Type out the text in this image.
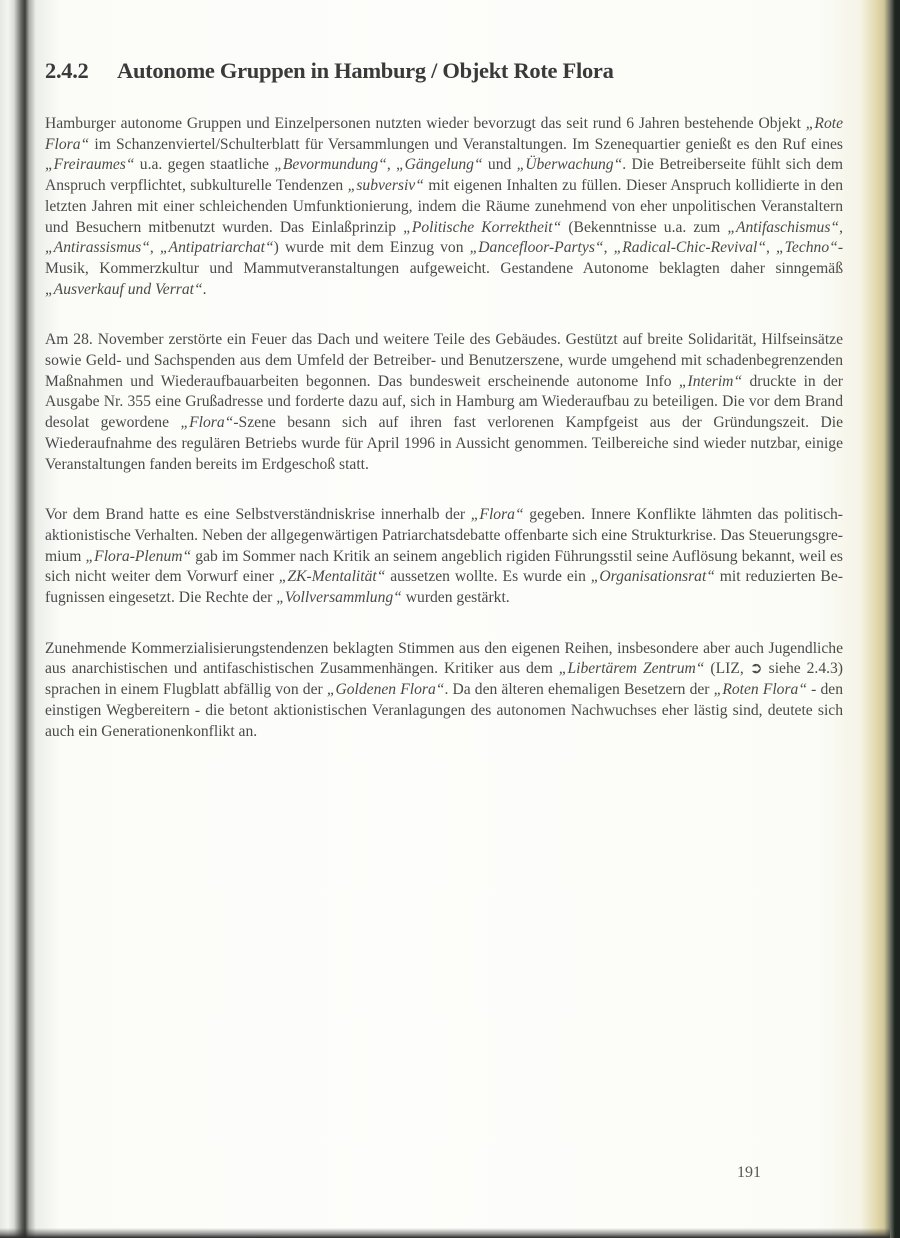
2.4.2 Autonome Gruppen in Hamburg / Objekt Rote Flora

Hamburger autonome Gruppen und Einzelpersonen nutzten wieder bevorzugt das seit rund 6 Jahren bestehende Objekt „Rote Flora“ im Schanzenviertel/Schulterblatt für Versammlungen und Veranstaltungen. Im Szenequartier genießt es den Ruf eines „Freiraumes“ u.a. gegen staatliche „Bevormundung“, „Gängelung“ und „Überwachung“. Die Betreiberseite fühlt sich dem Anspruch verpflichtet, subkulturelle Tendenzen „subversiv“ mit eigenen Inhalten zu füllen. Dieser Anspruch kollidierte in den letzten Jahren mit einer schleichenden Umfunktionierung, indem die Räume zunehmend von eher unpolitischen Veranstaltern und Besuchern mitbenutzt wurden. Das Einlaßprinzip „Politische Korrektheit“ (Bekenntnisse u.a. zum „Antifaschismus“, „Antirassismus“, „Antipatriarchat“) wurde mit dem Einzug von „Dancefloor-Partys“, „Radical-Chic-Revival“, „Techno“-Musik, Kommerzkultur und Mammutveranstaltungen aufgeweicht. Gestandene Autonome beklagten daher sinngemäß „Ausverkauf und Verrat“.

Am 28. November zerstörte ein Feuer das Dach und weitere Teile des Gebäudes. Gestützt auf breite Solidarität, Hilfseinsätze sowie Geld- und Sachspenden aus dem Umfeld der Betreiber- und Benutzerszene, wurde umgehend mit schadenbegrenzenden Maßnahmen und Wiederaufbauarbeiten begonnen. Das bundesweit erscheinende autonome Info „Interim“ druckte in der Ausgabe Nr. 355 eine Grußadresse und forderte dazu auf, sich in Hamburg am Wiederaufbau zu beteiligen. Die vor dem Brand desolat gewordene „Flora“-Szene besann sich auf ihren fast verlorenen Kampfgeist aus der Gründungszeit. Die Wiederaufnahme des regulären Betriebs wurde für April 1996 in Aussicht genommen. Teilbereiche sind wieder nutzbar, einige Veranstaltungen fanden bereits im Erdgeschoß statt.

Vor dem Brand hatte es eine Selbstverständniskrise innerhalb der „Flora“ gegeben. Innere Konflikte lähmten das politisch-aktionistische Verhalten. Neben der allgegenwärtigen Patriarchatsdebatte offenbarte sich eine Strukturkrise. Das Steuerungsgremium „Flora-Plenum“ gab im Sommer nach Kritik an seinem angeblich rigiden Führungsstil seine Auflösung bekannt, weil es sich nicht weiter dem Vorwurf einer „ZK-Mentalität“ aussetzen wollte. Es wurde ein „Organisationsrat“ mit reduzierten Befugnissen eingesetzt. Die Rechte der „Vollversammlung“ wurden gestärkt.

Zunehmende Kommerzialisierungstendenzen beklagten Stimmen aus den eigenen Reihen, insbesondere aber auch Jugendliche aus anarchistischen und antifaschistischen Zusammenhängen. Kritiker aus dem „Libertärem Zentrum“ (LIZ, ➲ siehe 2.4.3) sprachen in einem Flugblatt abfällig von der „Goldenen Flora“. Da den älteren ehemaligen Besetzern der „Roten Flora“ - den einstigen Wegbereitern - die betont aktionistischen Veranlagungen des autonomen Nachwuchses eher lästig sind, deutete sich auch ein Generationenkonflikt an.

191
